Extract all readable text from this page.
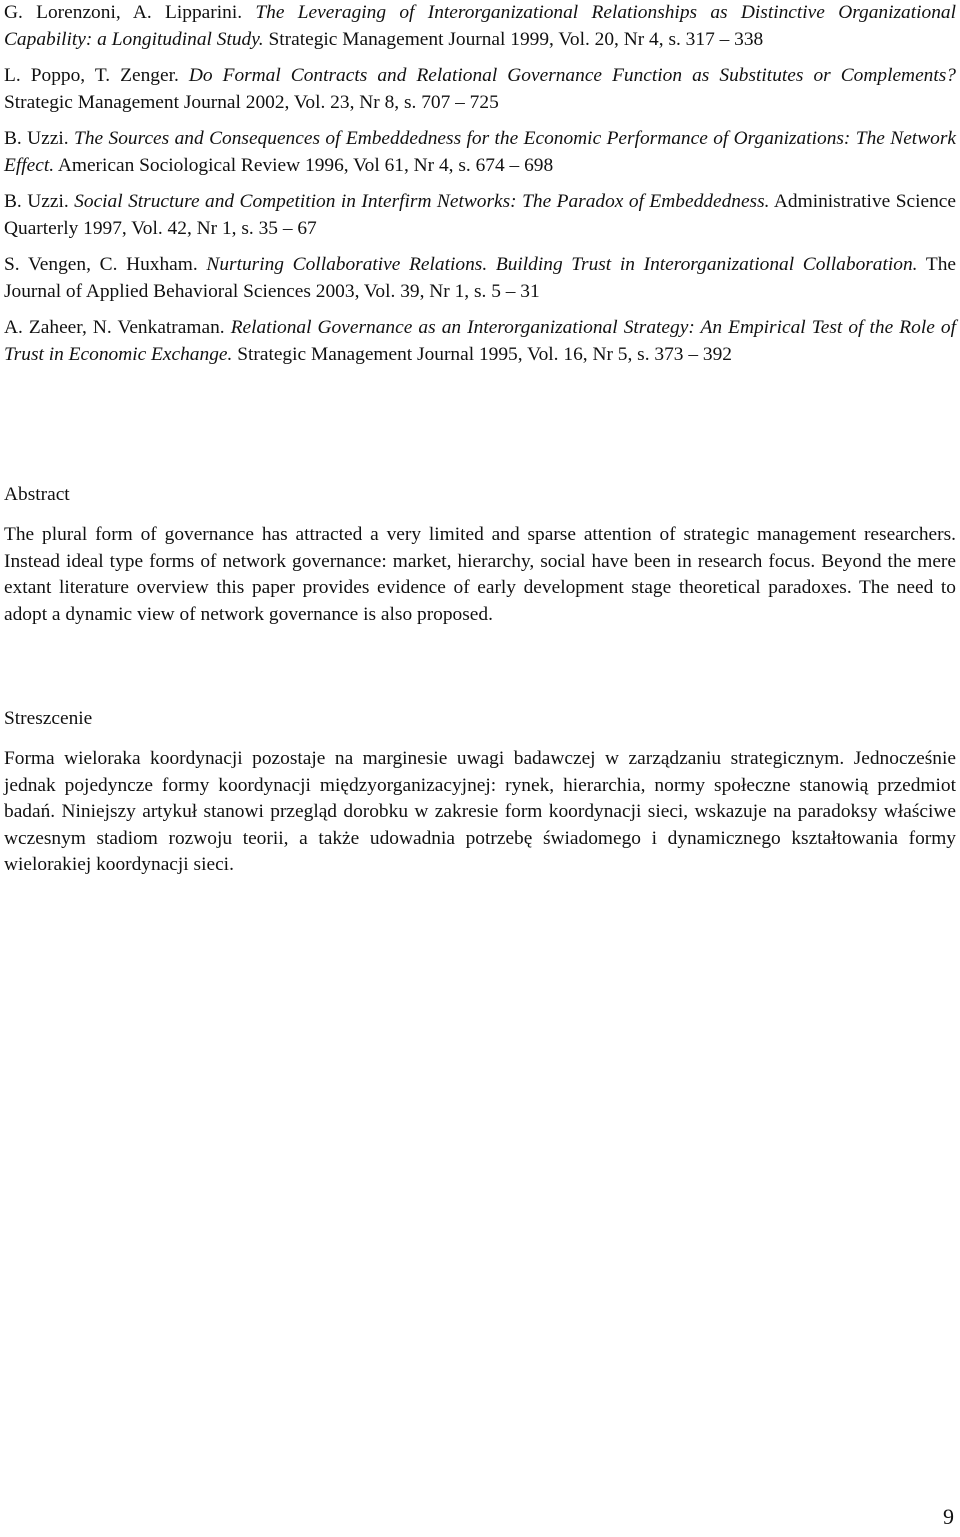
G. Lorenzoni, A. Lipparini. The Leveraging of Interorganizational Relationships as Distinctive Organizational Capability: a Longitudinal Study. Strategic Management Journal 1999, Vol. 20, Nr 4, s. 317 – 338

L. Poppo, T. Zenger. Do Formal Contracts and Relational Governance Function as Substitutes or Complements? Strategic Management Journal 2002, Vol. 23, Nr 8, s. 707 – 725

B. Uzzi. The Sources and Consequences of Embeddedness for the Economic Performance of Organizations: The Network Effect. American Sociological Review 1996, Vol 61, Nr 4, s. 674 – 698

B. Uzzi. Social Structure and Competition in Interfirm Networks: The Paradox of Embeddedness. Administrative Science Quarterly 1997, Vol. 42, Nr 1, s. 35 – 67

S. Vengen, C. Huxham. Nurturing Collaborative Relations. Building Trust in Interorganizational Collaboration. The Journal of Applied Behavioral Sciences 2003, Vol. 39, Nr 1, s. 5 – 31

A. Zaheer, N. Venkatraman. Relational Governance as an Interorganizational Strategy: An Empirical Test of the Role of Trust in Economic Exchange. Strategic Management Journal 1995, Vol. 16, Nr 5, s. 373 – 392

Abstract

The plural form of governance has attracted a very limited and sparse attention of strategic management researchers. Instead ideal type forms of network governance: market, hierarchy, social have been in research focus. Beyond the mere extant literature overview this paper provides evidence of early development stage theoretical paradoxes. The need to adopt a dynamic view of network governance is also proposed.

Streszcenie

Forma wieloraka koordynacji pozostaje na marginesie uwagi badawczej w zarządzaniu strategicznym. Jednocześnie jednak pojedyncze formy koordynacji międzyorganizacyjnej: rynek, hierarchia, normy społeczne stanowią przedmiot badań. Niniejszy artykuł stanowi przegląd dorobku w zakresie form koordynacji sieci, wskazuje na paradoksy właściwe wczesnym stadiom rozwoju teorii, a także udowadnia potrzebę świadomego i dynamicznego kształtowania formy wielorakiej koordynacji sieci.

9
